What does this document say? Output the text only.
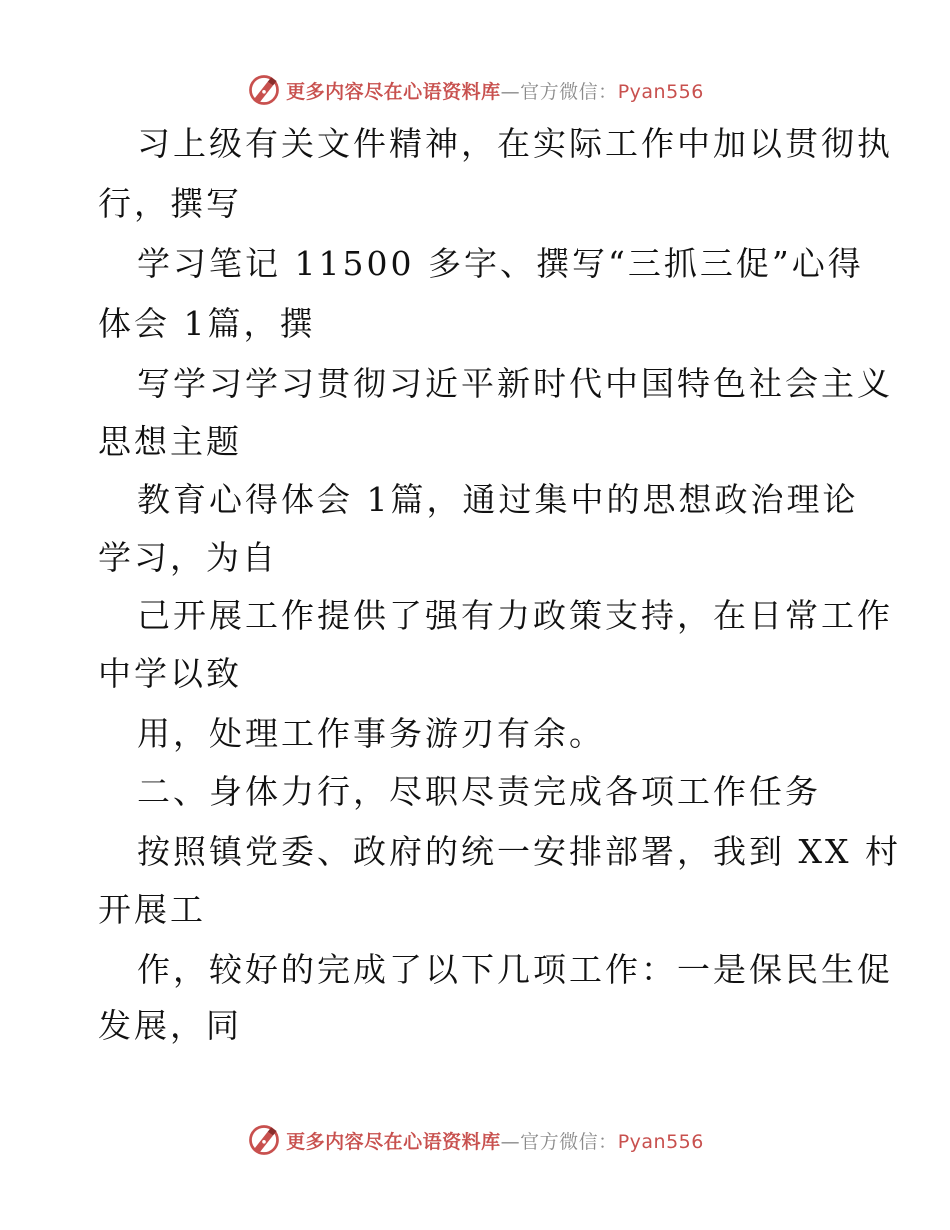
更多内容尽在心语资料库—官方微信：Pyan556
习上级有关文件精神，在实际工作中加以贯彻执
行，撰写
学习笔记 11500 多字、撰写“三抓三促”心得
体会 1篇，撰
写学习学习贯彻习近平新时代中国特色社会主义
思想主题
教育心得体会 1篇，通过集中的思想政治理论
学习，为自
己开展工作提供了强有力政策支持，在日常工作
中学以致
用，处理工作事务游刃有余。
二、身体力行，尽职尽责完成各项工作任务
按照镇党委、政府的统一安排部署，我到 XX 村
开展工
作，较好的完成了以下几项工作：一是保民生促
发展，同
更多内容尽在心语资料库—官方微信：Pyan556
